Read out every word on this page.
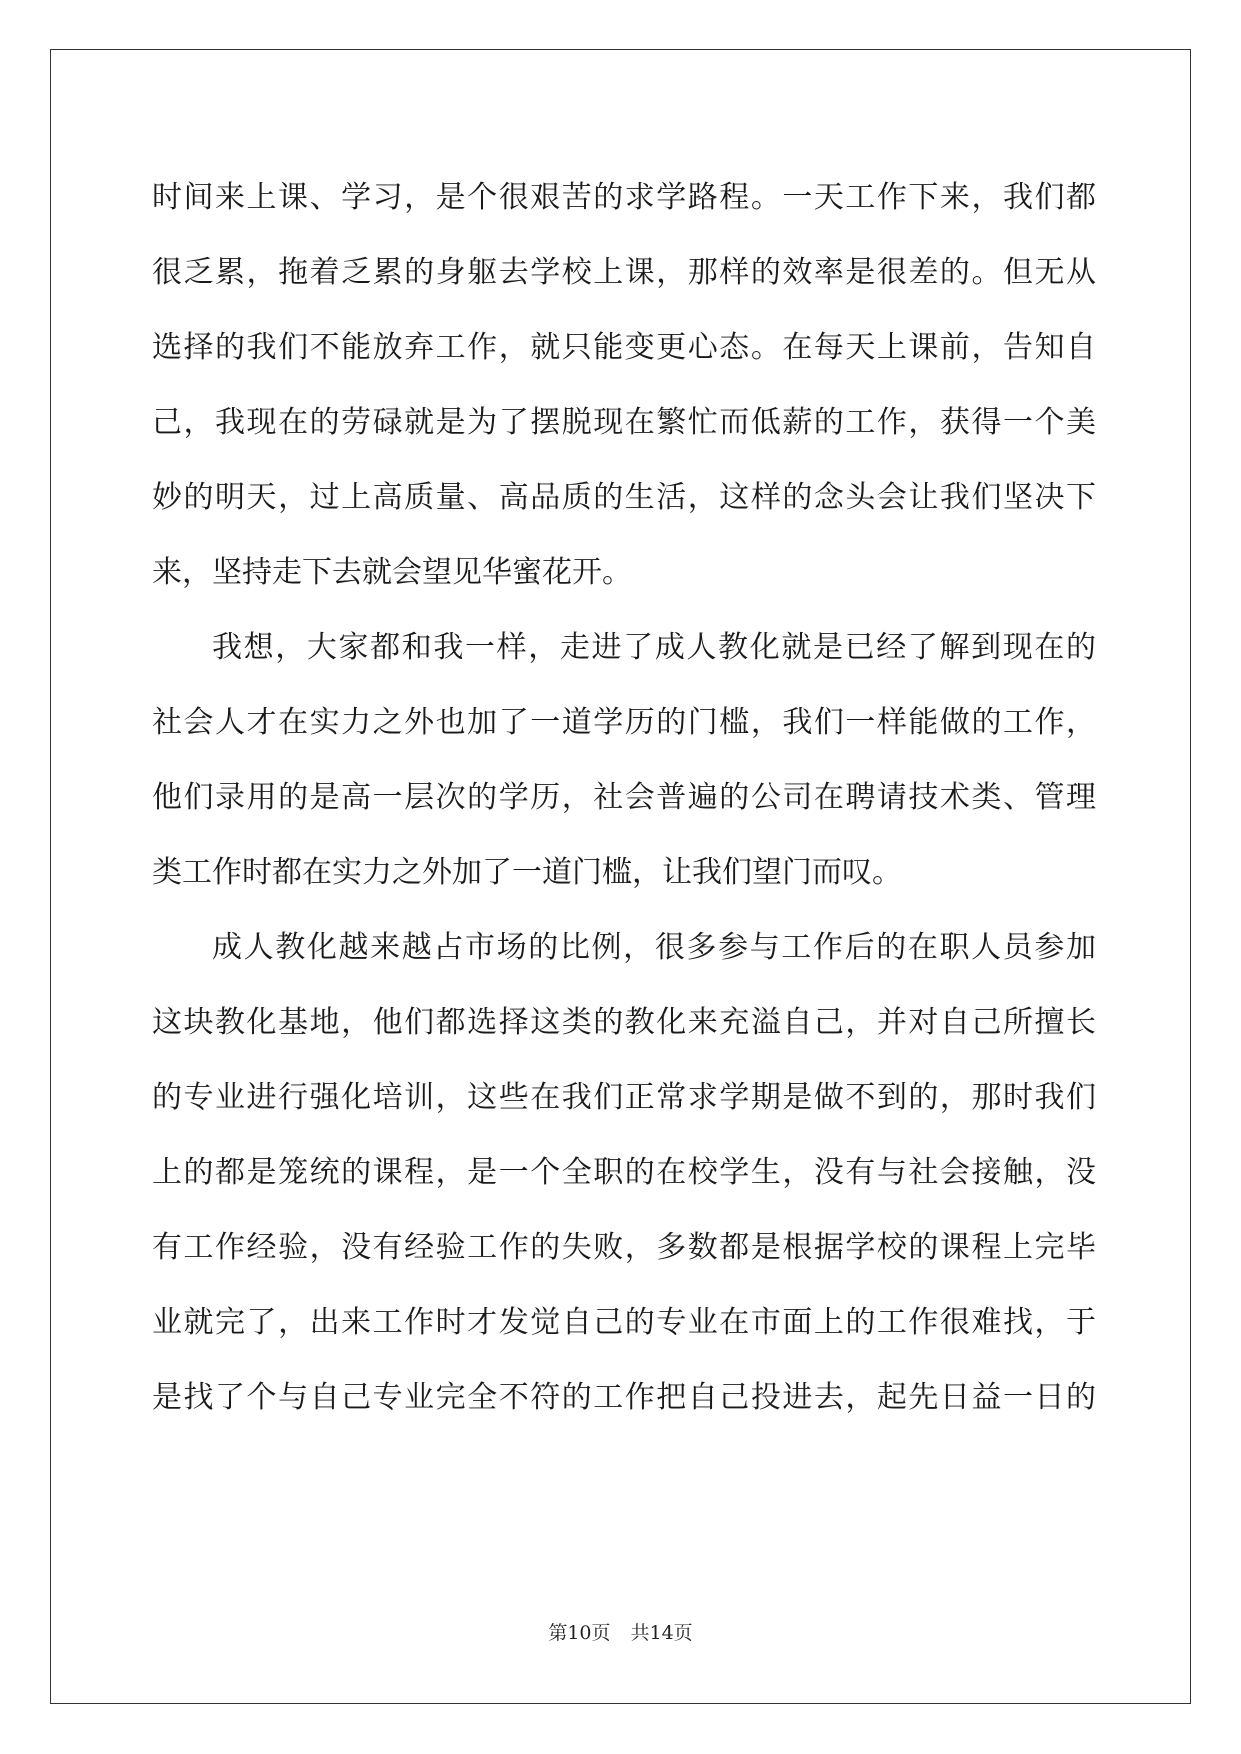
时间来上课、学习，是个很艰苦的求学路程。一天工作下来，我们都
很乏累，拖着乏累的身躯去学校上课，那样的效率是很差的。但无从
选择的我们不能放弃工作，就只能变更心态。在每天上课前，告知自
己，我现在的劳碌就是为了摆脱现在繁忙而低薪的工作，获得一个美
妙的明天，过上高质量、高品质的生活，这样的念头会让我们坚决下
来，坚持走下去就会望见华蜜花开。
我想，大家都和我一样，走进了成人教化就是已经了解到现在的
社会人才在实力之外也加了一道学历的门槛，我们一样能做的工作，
他们录用的是高一层次的学历，社会普遍的公司在聘请技术类、管理
类工作时都在实力之外加了一道门槛，让我们望门而叹。
成人教化越来越占市场的比例，很多参与工作后的在职人员参加
这块教化基地，他们都选择这类的教化来充溢自己，并对自己所擅长
的专业进行强化培训，这些在我们正常求学期是做不到的，那时我们
上的都是笼统的课程，是一个全职的在校学生，没有与社会接触，没
有工作经验，没有经验工作的失败，多数都是根据学校的课程上完毕
业就完了，出来工作时才发觉自己的专业在市面上的工作很难找，于
是找了个与自己专业完全不符的工作把自己投进去，起先日益一日的
第10页 共14页
